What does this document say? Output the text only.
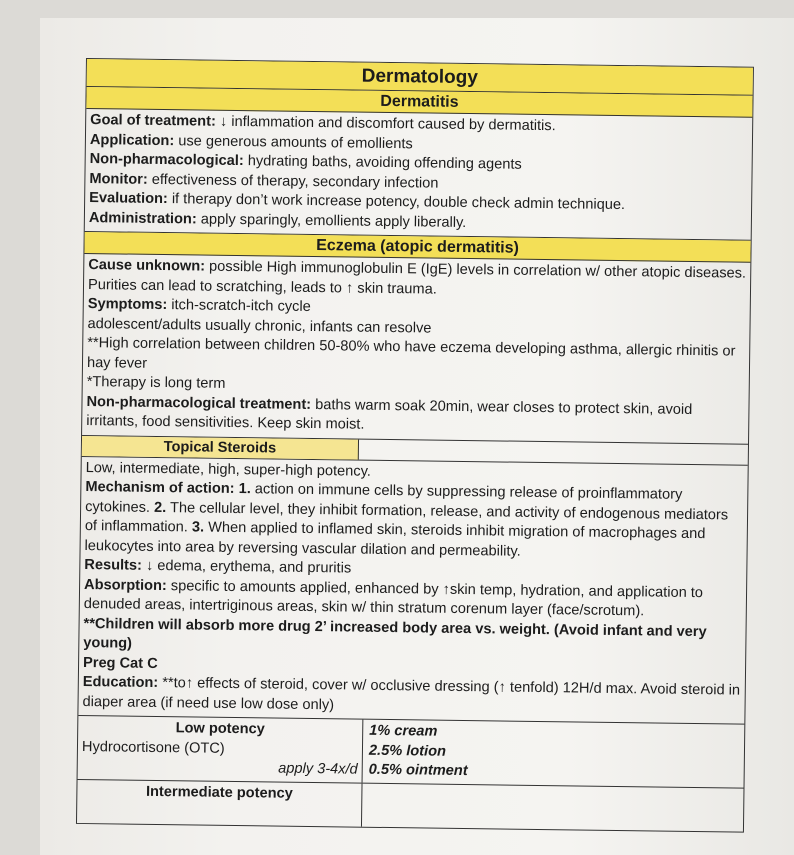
Dermatology
Dermatitis
Goal of treatment: ↓ inflammation and discomfort caused by dermatitis.
Application: use generous amounts of emollients
Non-pharmacological: hydrating baths, avoiding offending agents
Monitor: effectiveness of therapy, secondary infection
Evaluation: if therapy don’t work increase potency, double check admin technique.
Administration: apply sparingly, emollients apply liberally.
Eczema (atopic dermatitis)
Cause unknown: possible High immunoglobulin E (IgE) levels in correlation w/ other atopic diseases. Purities can lead to scratching, leads to ↑ skin trauma.
Symptoms: itch-scratch-itch cycle
adolescent/adults usually chronic, infants can resolve
**High correlation between children 50-80% who have eczema developing asthma, allergic rhinitis or hay fever
*Therapy is long term
Non-pharmacological treatment: baths warm soak 20min, wear closes to protect skin, avoid irritants, food sensitivities. Keep skin moist.
Topical Steroids
Low, intermediate, high, super-high potency.
Mechanism of action: 1. action on immune cells by suppressing release of proinflammatory cytokines. 2. The cellular level, they inhibit formation, release, and activity of endogenous mediators of inflammation. 3. When applied to inflamed skin, steroids inhibit migration of macrophages and leukocytes into area by reversing vascular dilation and permeability.
Results: ↓ edema, erythema, and pruritis
Absorption: specific to amounts applied, enhanced by ↑skin temp, hydration, and application to denuded areas, intertriginous areas, skin w/ thin stratum corenum layer (face/scrotum).
**Children will absorb more drug 2’ increased body area vs. weight. (Avoid infant and very young)
Preg Cat C
Education: **to↑ effects of steroid, cover w/ occlusive dressing (↑ tenfold) 12H/d max. Avoid steroid in diaper area (if need use low dose only)
Low potency
Hydrocortisone (OTC)
apply 3-4x/d
1% cream
2.5% lotion
0.5% ointment
Intermediate potency
